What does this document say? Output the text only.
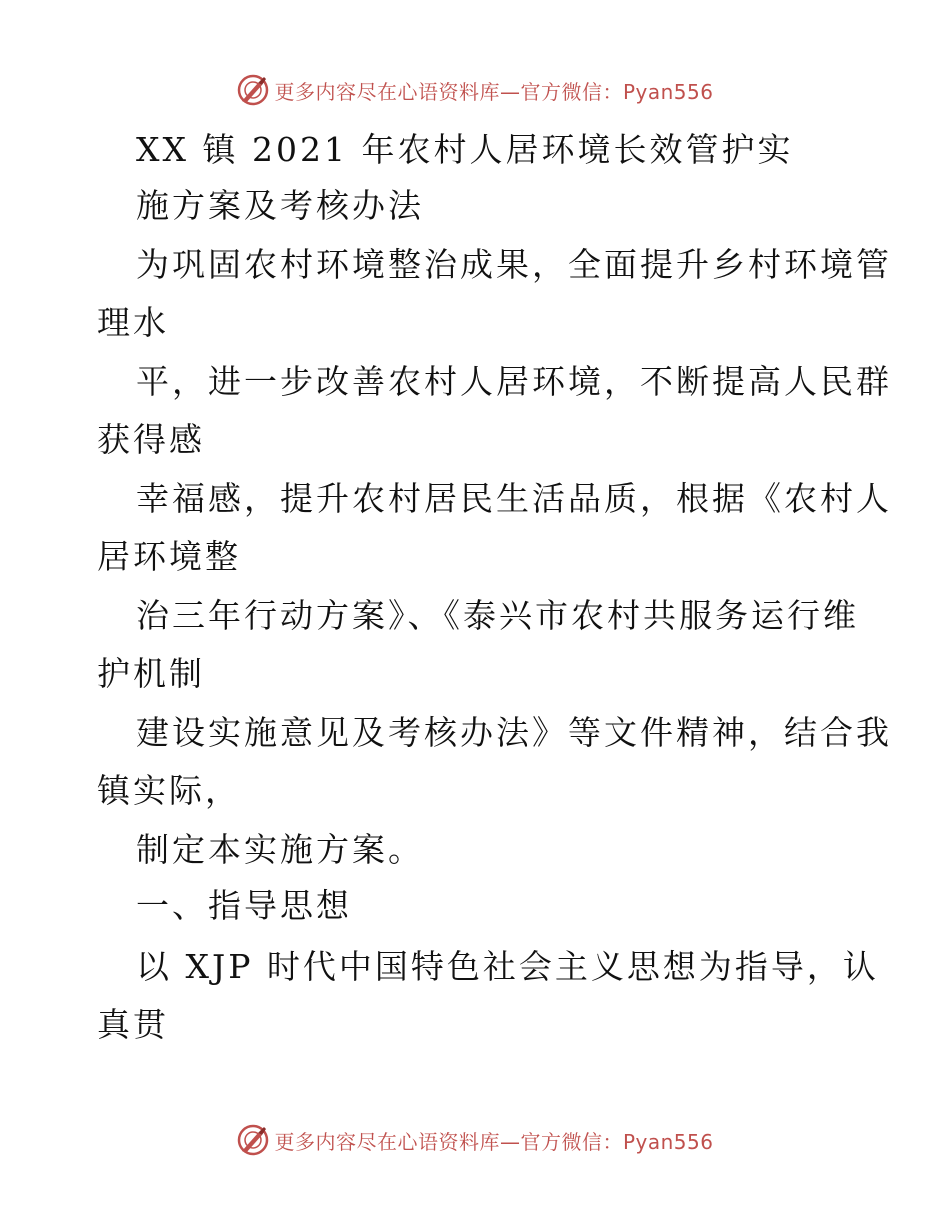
更多内容尽在心语资料库—官方微信：Pyan556
XX 镇 2021 年农村人居环境长效管护实
施方案及考核办法
为巩固农村环境整治成果，全面提升乡村环境管
理水
平，进一步改善农村人居环境，不断提高人民群
获得感
幸福感，提升农村居民生活品质，根据《农村人
居环境整
治三年行动方案》、《泰兴市农村共服务运行维
护机制
建设实施意见及考核办法》等文件精神，结合我
镇实际，
制定本实施方案。
一、指导思想
以 XJP 时代中国特色社会主义思想为指导，认
真贯
更多内容尽在心语资料库—官方微信：Pyan556
